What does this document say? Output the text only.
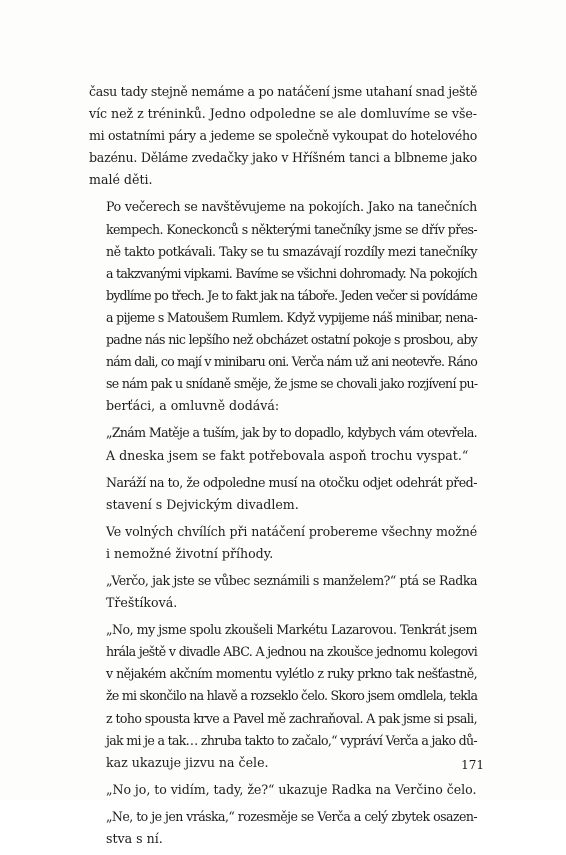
času tady stejně nemáme a po natáčení jsme utahaní snad ještě
víc než z tréninků. Jedno odpoledne se ale domluvíme se vše-
mi ostatními páry a jedeme se společně vykoupat do hotelového
bazénu. Děláme zvedačky jako v Hříšném tanci a blbneme jako
malé děti.
Po večerech se navštěvujeme na pokojích. Jako na tanečních
kempech. Koneckonců s některými tanečníky jsme se dřív přes-
ně takto potkávali. Taky se tu smazávají rozdíly mezi tanečníky
a takzvanými vipkami. Bavíme se všichni dohromady. Na pokojích
bydlíme po třech. Je to fakt jak na táboře. Jeden večer si povídáme
a pijeme s Matoušem Rumlem. Když vypijeme náš minibar, nena-
padne nás nic lepšího než obcházet ostatní pokoje s prosbou, aby
nám dali, co mají v minibaru oni. Verča nám už ani neotevře. Ráno
se nám pak u snídaně směje, že jsme se chovali jako rozjívení pu-
berťáci, a omluvně dodává:
„Znám Matěje a tuším, jak by to dopadlo, kdybych vám otevřela.
A dneska jsem se fakt potřebovala aspoň trochu vyspat.“
Naráží na to, že odpoledne musí na otočku odjet odehrát před-
stavení s Dejvickým divadlem.
Ve volných chvílích při natáčení probereme všechny možné
i nemožné životní příhody.
„Verčo, jak jste se vůbec seznámili s manželem?“ ptá se Radka
Třeštíková.
„No, my jsme spolu zkoušeli Markétu Lazarovou. Tenkrát jsem
hrála ještě v divadle ABC. A jednou na zkoušce jednomu kolegovi
v nějakém akčním momentu vylétlo z ruky prkno tak nešťastně,
že mi skončilo na hlavě a rozseklo čelo. Skoro jsem omdlela, tekla
z toho spousta krve a Pavel mě zachraňoval. A pak jsme si psali,
jak mi je a tak… zhruba takto to začalo,“ vypráví Verča a jako dů-
kaz ukazuje jizvu na čele.
„No jo, to vidím, tady, že?“ ukazuje Radka na Verčino čelo.
„Ne, to je jen vráska,“ rozesměje se Verča a celý zbytek osazen-
stva s ní.
171
